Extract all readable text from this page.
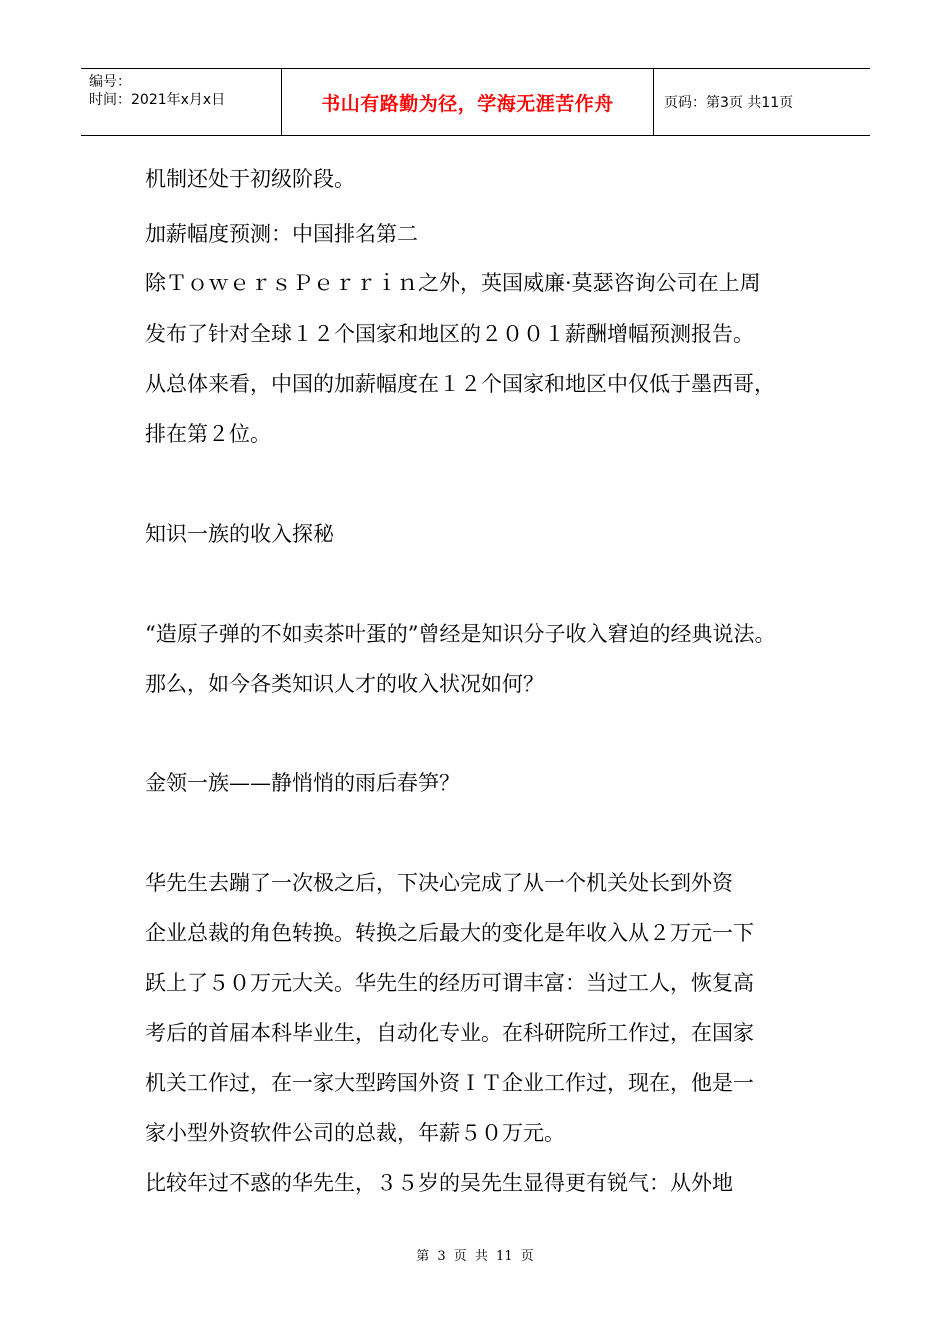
编号：
时间：2021年x月x日	书山有路勤为径，学海无涯苦作舟	页码：第3页 共11页
机制还处于初级阶段。
加薪幅度预测：中国排名第二
除ＴｏｗｅｒｓＰｅｒｒｉｎ之外，英国威廉·莫瑟咨询公司在上周
发布了针对全球１２个国家和地区的２００１薪酬增幅预测报告。
从总体来看，中国的加薪幅度在１２个国家和地区中仅低于墨西哥，
排在第２位。
知识一族的收入探秘
“造原子弹的不如卖茶叶蛋的”曾经是知识分子收入窘迫的经典说法。
那么，如今各类知识人才的收入状况如何？
金领一族——静悄悄的雨后春笋？
华先生去蹦了一次极之后，下决心完成了从一个机关处长到外资
企业总裁的角色转换。转换之后最大的变化是年收入从２万元一下
跃上了５０万元大关。华先生的经历可谓丰富：当过工人，恢复高
考后的首届本科毕业生，自动化专业。在科研院所工作过，在国家
机关工作过，在一家大型跨国外资ＩＴ企业工作过，现在，他是一
家小型外资软件公司的总裁，年薪５０万元。
比较年过不惑的华先生，３５岁的吴先生显得更有锐气：从外地
第 3 页 共 11 页
